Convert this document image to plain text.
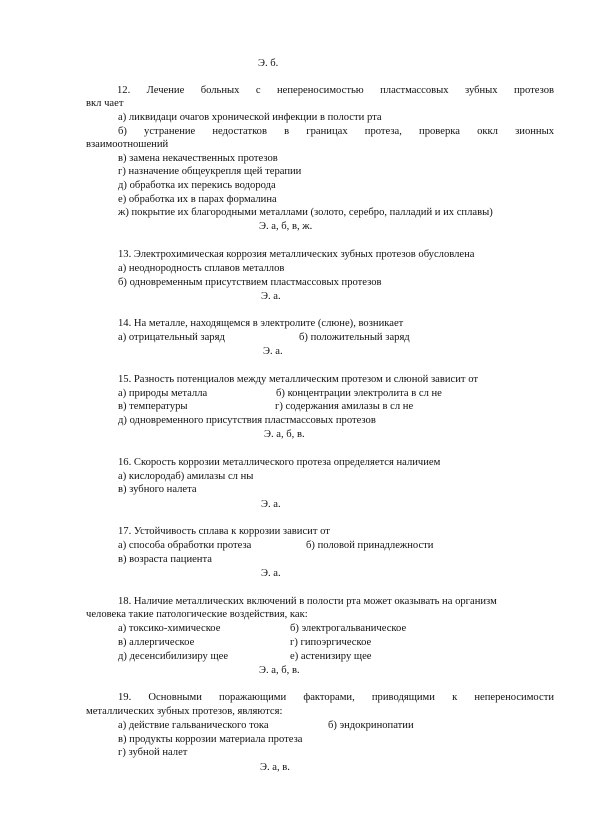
Э. б.
12. Лечение больных с непереносимостью пластмассовых зубных протезов
вкл чает
а) ликвидаци очагов хронической инфекции в полости рта
б) устранение недостатков в границах протеза, проверка оккл зионных
взаимоотношений
в) замена некачественных протезов
г) назначение общеукрепля щей терапии
д) обработка их перекись водорода
е) обработка их в парах формалина
ж) покрытие их благородными металлами (золото, серебро, палладий и их сплавы)
Э. а, б, в, ж.
13. Электрохимическая коррозия металлических зубных протезов обусловлена
а) неоднородность сплавов металлов
б) одновременным присутствием пластмассовых протезов
Э. а.
14. На металле, находящемся в электролите (слюне), возникает
а) отрицательный заряд	б) положительный заряд
Э. а.
15. Разность потенциалов между металлическим протезом и слюной зависит от
а) природы металла	б) концентрации электролита в сл не
в) температуры	г) содержания амилазы в сл не
д) одновременного присутствия пластмассовых протезов
Э. а, б, в.
16. Скорость коррозии металлического протеза определяется наличием
а) кислородаб) амилазы сл ны
в) зубного налета
Э. а.
17. Устойчивость сплава к коррозии зависит от
а) способа обработки протеза	б) половой принадлежности
в) возраста пациента
Э. а.
18. Наличие металлических включений в полости рта может оказывать на организм
человека такие патологические воздействия, как:
а) токсико-химическое	б) электрогальваническое
в) аллергическое	г) гипоэргическое
д) десенсибилизиру щее	е) астенизиру щее
Э. а, б, в.
19. Основными поражающими факторами, приводящими к непереносимости
металлических зубных протезов, являются:
а) действие гальванического тока	б) эндокринопатии
в) продукты коррозии материала протеза
г) зубной налет
Э. а, в.
